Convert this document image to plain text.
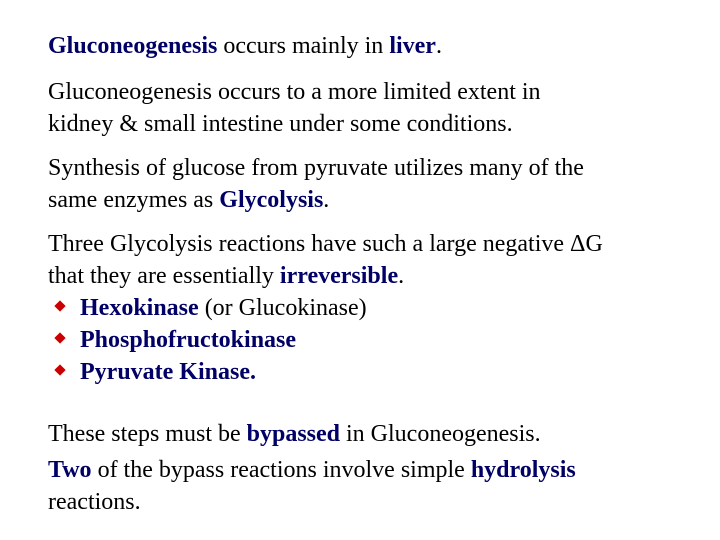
Gluconeogenesis occurs mainly in liver.
Gluconeogenesis occurs to a more limited extent in
kidney & small intestine under some conditions.
Synthesis of glucose from pyruvate utilizes many of the
same enzymes as Glycolysis.
Three Glycolysis reactions have such a large negative ΔG
that they are essentially irreversible.
Hexokinase (or Glucokinase)
Phosphofructokinase
Pyruvate Kinase.
These steps must be bypassed in Gluconeogenesis.
Two of the bypass reactions involve simple hydrolysis
reactions.
